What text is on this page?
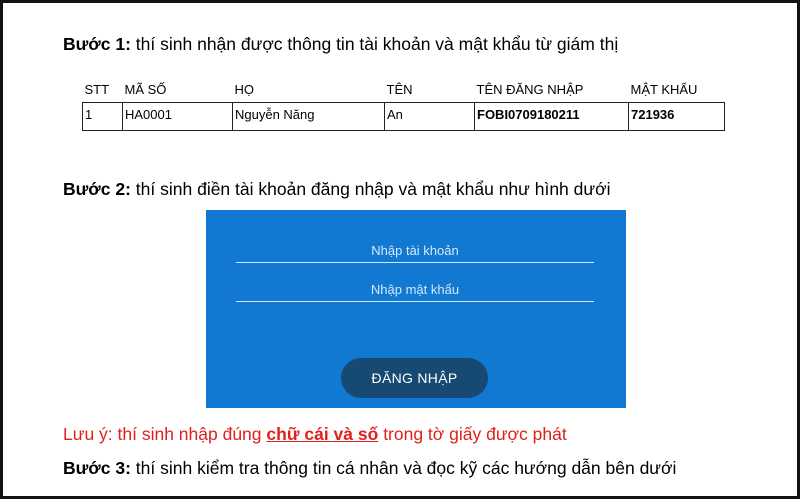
Bước 1: thí sinh nhận được thông tin tài khoản và mật khẩu từ giám thị
STT	MÃ SỐ	HỌ	TÊN	TÊN ĐĂNG NHẬP	MẬT KHẨU
1	HA0001	Nguyễn Năng	An	FOBI0709180211	721936
Bước 2: thí sinh điền tài khoản đăng nhập và mật khẩu như hình dưới
Nhập tài khoản
Nhập mật khẩu
ĐĂNG NHẬP
Lưu ý: thí sinh nhập đúng chữ cái và số trong tờ giấy được phát
Bước 3: thí sinh kiểm tra thông tin cá nhân và đọc kỹ các hướng dẫn bên dưới
